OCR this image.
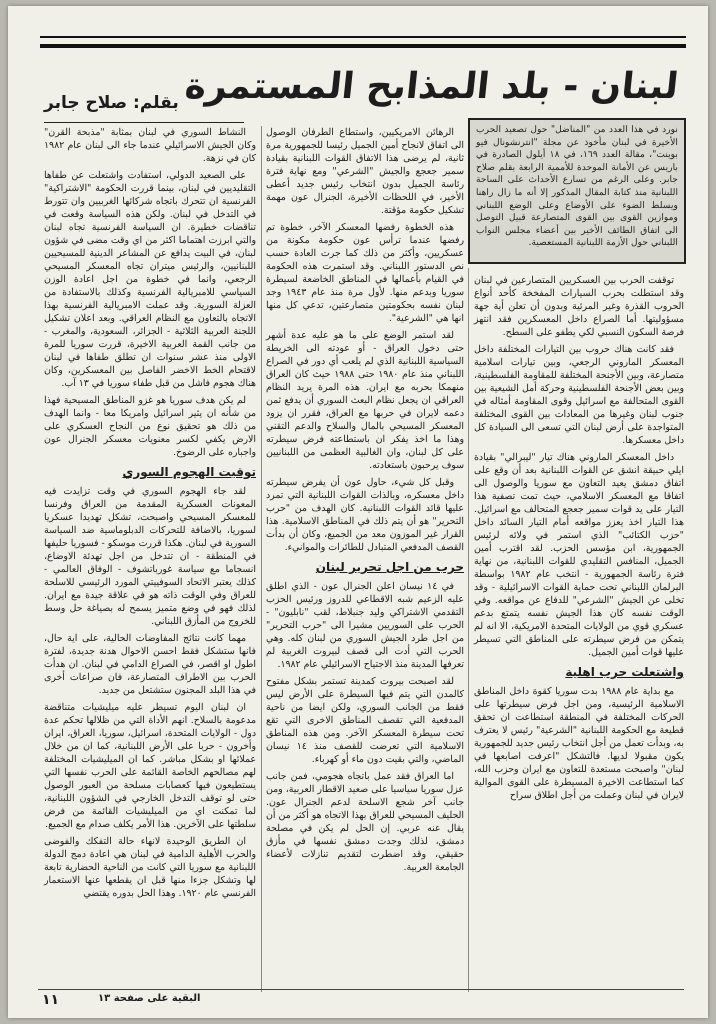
لبنان - بلد المذابح المستمرة
بقلم: صلاح جابر
نورد في هذا العدد من "المناضل" حول تصعيد الحرب الأخيرة في لبنان مأخوذ عن مجلة "انترنشونال فيو بوينت"، مقالة العدد ١٦٩، في ١٨ أيلول الصادرة في باريس عن الأمانة الموحدة للأممية الرابعة بقلم صلاح جابر. وعلى الرغم من تسارع الأحداث على الساحة اللبنانية منذ كتابة المقال المذكور إلا أنه ما زال راهنا ويسلط الضوء على الأوضاع وعلى الوضع اللبناني وموازين القوى بين القوى المتصارعة قبيل التوصل الى اتفاق الطائف الأخير بين أعضاء مجلس النواب اللبناني حول الأزمة اللبنانية المستعصية.

توقفت الحرب بين العسكريين المتصارعين في لبنان وقد استطلت بحرب السيارات المفخخة كأحد أنواع الحروب القذرة وغير المرئية وبدون أن تعلن أية جهة مسؤوليتها. أما الصراع داخل المعسكرين فقد انتهز فرصة السكون النسبي لكي يطفو على السطح.

فقد كانت هناك حروب بين التيارات المختلفة داخل المعسكر الماروني الرجعي، وبين تيارات اسلامية متصارعة، وبين الأجنحة المختلفة للمقاومة الفلسطينية، وبين بعض الأجنحة الفلسطينية وحركة أمل الشيعية بين القوى المتحالفة مع اسرائيل وقوى المقاومة أمثاله في جنوب لبنان وغيرها من المعادات بين القوى المختلفة المتواجدة على أرض لبنان التي تسعى الى السيادة كل داخل معسكرها.

داخل المعسكر الماروني هناك تيار "ليبرالي" بقيادة ايلي حبيقة انشق عن القوات اللبنانية بعد أن وقع على اتفاق دمشق يعيد التعاون مع سوريا والوصول الى اتفاقا مع المعسكر الاسلامي، حيث تمت تصفية هذا التيار على يد قوات سمير جعجع المتحالف مع اسرائيل. هذا التيار اخذ يعزز مواقعه أمام التيار السائد داخل "حزب الكتائب" الذي استمر في ولائه لرئيس الجمهورية، ابن مؤسس الحزب. لقد اقترب أمين الجميل، المنافس التقليدي للقوات اللبنانية، من نهاية فترة رئاسة الجمهورية - انتخب عام ١٩٨٢ بواسطة البرلمان اللبناني تحت حماية القوات الاسرائيلية - وقد تخلى عن الجيش "الشرعي" للدفاع عن مواقعه. وفي الوقت نفسه كان هذا الجيش نفسه يتمتع بدعم عسكري قوي من الولايات المتحدة الامريكية، الا انه لم يتمكن من فرض سيطرته على المناطق التي تسيطر عليها قوات أمين الجميل.

واشتعلت حرب اهلية

مع بداية عام ١٩٨٨ بدت سوريا كقوة داخل المناطق الاسلامية الرئيسية، ومن اجل فرض سيطرتها على الحركات المختلفة في المنطقة استطاعت ان تحقق قطيعة مع الحكومة اللبنانية "الشرعية" رئيس لا يعترف به، وبدأت تعمل من أجل انتخاب رئيس جديد للجمهورية يكون مقبولا لديها. فالتشكل "اعرفت اصابعها في لبنان" واصبحت مستعدة للتعاون مع ايران وحزب الله، كما استطاعت الاخيرة المسيطرة على القوى الموالية لايران في لبنان وعملت من أجل اطلاق سراح

الرهائن الامريكيين، واستطاع الطرفان الوصول الى اتفاق لانجاح أمين الجميل رئيسا للجمهورية مرة ثانية، لم يرضى هذا الاتفاق القوات اللبنانية بقيادة سمير جعجع والجيش "الشرعي" ومع نهاية فترة رئاسة الجميل بدون انتخاب رئيس جديد أعطى الأخير، في اللحظات الأخيرة، الجنرال عون مهمة تشكيل حكومة مؤقتة.

هذه الخطوة رفضها المعسكر الآخر، خطوة تم رفضها عندما ترأس عون حكومة مكونة من عسكريين، وأكثر من ذلك كما جرت العادة حسب نص الدستور اللبناني. وقد استمرت هذه الحكومة في القيام بأعمالها في المناطق الخاضعة لسيطرة سوريا وبدعم منها. لأول مرة منذ عام ١٩٤٣ وجد لبنان نفسه بحكومتين متصارعتين، تدعي كل منها انها هي "الشرعية".

لقد استمر الوضع على ما هو عليه عدة أشهر حتى دخول العراق - أو عودته الى الخريطة السياسية اللبنانية الذي لم يلعب أي دور في الصراع اللبناني منذ عام ١٩٨٠ حتى ١٩٨٨ حيث كان العراق منهمكا بحربه مع ايران. هذه المرة يريد النظام العراقي ان يجعل نظام البعث السوري أن يدفع ثمن دعمه لايران في حربها مع العراق، فقرر ان يزود المعسكر المسيحي بالمال والسلاح والدعم التقني وهذا ما اخذ يفكر ان باستطاعته فرض سيطرته على كل لبنان، وان الغالبية العظمى من اللبنانيين سوف يرحبون باستعادته.

وقبل كل شيء، حاول عون أن يفرض سيطرته داخل معسكره، وبالذات القوات اللبنانية التي تمرد عليها قائد القوات اللبنانية. كان الهدف من "حرب التحرير" هو أن يتم ذلك في المناطق الاسلامية. هذا القرار غير الموزون معد من الجميع، وكان أن بدأت القصف المدفعي المتبادل للطائرات والموانيء.

حرب من اجل تحرير لبنان

في ١٤ نيسان اعلن الجنرال عون - الذي اطلق عليه الزعيم شبه الاقطاعي للدروز ورئيس الحزب التقدمي الاشتراكي وليد جنبلاط، لقب "نابليون" - الحرب على السوريين مشيرا الى "حرب التحرير" من اجل طرد الجيش السوري من لبنان كله. وهي الحرب التي أدت الى قصف لبيروت الغربية لم تعرفها المدينة منذ الاجتياح الاسرائيلي عام ١٩٨٢.

لقد اصبحت بيروت كمدينة تستمر بشكل مفتوح كالمدن التي يتم فيها السيطرة على الأرض ليس فقط من الجانب السوري، ولكن ايضا من ناحية المدفعية التي تقصف المناطق الاخرى التي تقع تحت سيطرة المعسكر الآخر. ومن هذه المناطق الاسلامية التي تعرضت للقصف منذ ١٤ نيسان الماضي، والتي بقيت دون ماء أو كهرباء.

اما العراق فقد عمل باتجاه هجومي، فمن جانب عزل سوريا سياسيا على صعيد الاقطار العربية، ومن جانب آخر شجع الاسلحة لدعم الجنرال عون. الحليف المسيحي للعراق بهذا الاتجاه هو أكثر من أن يقال عنه عربي. إن الحل لم يكن في مصلحة دمشق، لذلك وجدت دمشق نفسها في مأزق حقيقي، وقد اضطرت لتقديم تنازلات لأعضاء الجامعة العربية.

النشاط السوري في لبنان بمثابة "مذبحة القرن" وكان الجيش الاسرائيلي عندما جاء الى لبنان عام ١٩٨٢ كان في نزهة.

على الصعيد الدولي، استفادت واشتعلت عن طفاها التقليديين في لبنان، بينما قررت الحكومة "الاشتراكية" الفرنسية ان تتحرك باتجاه شركائها الغربيين وان تتورط في التدخل في لبنان. ولكن هذه السياسة وقعت في تناقضات خطيرة. ان السياسة الفرنسية تجاه لبنان والتي ابرزت اهتماما اكثر من اي وقت مضى في شؤون لبنان، في البيت يدافع عن المشاعر الدينية للمسيحيين اللبنانيين، والرئيس ميتران تجاه المعسكر المسيحي الرجعي، وانما في خطوة من اجل اعادة الوزن السياسي للامبريالية الفرنسية وكذلك بالاستفادة من العزلة السورية. وقد عملت الامبريالية الفرنسية بهذا الاتجاه بالتعاون مع النظام العراقي. وبعد اعلان تشكيل اللجنة العربية الثلاثية - الجزائر، السعودية، والمغرب - من جانب القمة العربية الاخيرة، قررت سوريا للمرة الاولى منذ عشر سنوات ان تطلق طفاها في لبنان لاقتحام الخط الاخضر الفاصل بين المعسكرين، وكان هناك هجوم فاشل من قبل طفاء سوريا في ١٣ آب.

لم يكن هدف سوريا هو غزو المناطق المسيحية فهذا من شأنه ان يثير اسرائيل وامريكا معا - وانما الهدف من ذلك هو تحقيق نوع من النجاح العسكري على الارض يكفي لكسر معنويات معسكر الجنرال عون واجباره على الرضوخ.

توقيت الهجوم السوري

لقد جاء الهجوم السوري في وقت تزايدت فيه المعونات العسكرية المقدمة من العراق وفرنسا للمعسكر المسيحي واصبحت، تشكل تهديدا عسكريا لسوريا، بالاضافة للتحركات الدبلوماسية ضد السياسة السورية في لبنان. هكذا قررت موسكو - فسوريا حليفها في المنطقة - ان تتدخل من اجل تهدئة الاوضاع، انسجاما مع سياسة غورباتشوف - الوفاق العالمي - كذلك يعتبر الاتحاد السوفييتي المورد الرئيسي للاسلحة للعراق وفي الوقت ذاته هو في علاقة جيدة مع ايران. لذلك فهو في وضع متميز يسمح له بصياغة حل وسط للخروج من المأزق اللبناني.

مهما كانت نتائج المفاوضات الحالية، على اية حال، فانها ستشكل فقط احسن الاحوال هدنة جديدة، لفترة اطول او اقصر، في الصراع الدامي في لبنان. ان هدأت الحرب بين الاطراف المتصارعة، فان صراعات أخرى في هذا البلد المجنون ستشتعل من جديد.

ان لبنان اليوم تسيطر عليه ميليشيات متناقضة مدعومة بالسلاح. انهم الأداة التي من ظلالها تحكم عدة دول - الولايات المتحدة، اسرائيل، سوريا، العراق، ايران وأخرون - حربا على الأرض اللبنانية، كما ان من خلال عملائها او بشكل مباشر. كما ان الميليشيات المختلفة لهم مصالحهم الخاصة القائمة على الحرب نفسها التي يستطيعون فيها كعصابات مسلحة من العبور الوصول حتى لو توقف التدخل الخارجي في الشؤون اللبنانية، لما تمكنت اي من الميليشيات القائمة من فرض سلطتها على الآخرين. هذا الأمر يكلف صدام مع الجميع.

ان الطريق الوحيدة لانهاء حالة التفكك والفوضى والحرب الأهلية الدامية في لبنان هي اعادة دمج الدولة اللبنانية مع سوريا التي كانت من الناحية الحضارية تابعة لها وتشكل جزءا منها قبل ان يقطعها عنها الاستعمار الفرنسي عام ١٩٢٠. وهذا الحل بدوره يقتضي

١١	البقية على صفحة ١٣
